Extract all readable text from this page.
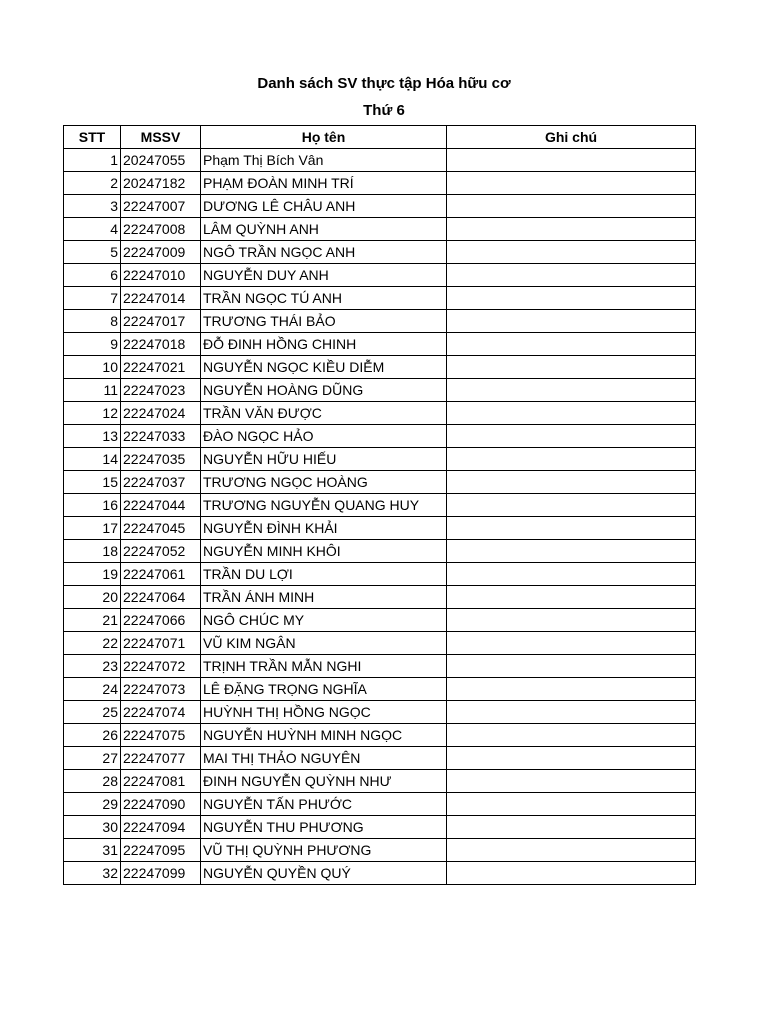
Danh sách SV thực tập Hóa hữu cơ
Thứ 6
STT	MSSV	Họ tên	Ghi chú
1	20247055	Phạm Thị Bích Vân	
2	20247182	PHẠM ĐOÀN MINH TRÍ	
3	22247007	DƯƠNG LÊ CHÂU ANH	
4	22247008	LÂM QUỲNH ANH	
5	22247009	NGÔ TRẦN NGỌC ANH	
6	22247010	NGUYỄN DUY ANH	
7	22247014	TRẦN NGỌC TÚ ANH	
8	22247017	TRƯƠNG THÁI BẢO	
9	22247018	ĐỖ ĐINH HỒNG CHINH	
10	22247021	NGUYỄN NGỌC KIỀU DIỄM	
11	22247023	NGUYỄN HOÀNG DŨNG	
12	22247024	TRẦN VĂN ĐƯỢC	
13	22247033	ĐÀO NGỌC HẢO	
14	22247035	NGUYỄN HỮU HIẾU	
15	22247037	TRƯƠNG NGỌC HOÀNG	
16	22247044	TRƯƠNG NGUYỄN QUANG HUY	
17	22247045	NGUYỄN ĐÌNH KHẢI	
18	22247052	NGUYỄN MINH KHÔI	
19	22247061	TRẦN DU LỢI	
20	22247064	TRẦN ÁNH MINH	
21	22247066	NGÔ CHÚC MY	
22	22247071	VŨ KIM NGÂN	
23	22247072	TRỊNH TRẦN MẪN NGHI	
24	22247073	LÊ ĐẶNG TRỌNG NGHĨA	
25	22247074	HUỲNH THỊ HỒNG NGỌC	
26	22247075	NGUYỄN HUỲNH MINH NGỌC	
27	22247077	MAI THỊ THẢO NGUYÊN	
28	22247081	ĐINH NGUYỄN QUỲNH NHƯ	
29	22247090	NGUYỄN TẤN PHƯỚC	
30	22247094	NGUYỄN THU PHƯƠNG	
31	22247095	VŨ THỊ QUỲNH PHƯƠNG	
32	22247099	NGUYỄN QUYỀN QUÝ	
